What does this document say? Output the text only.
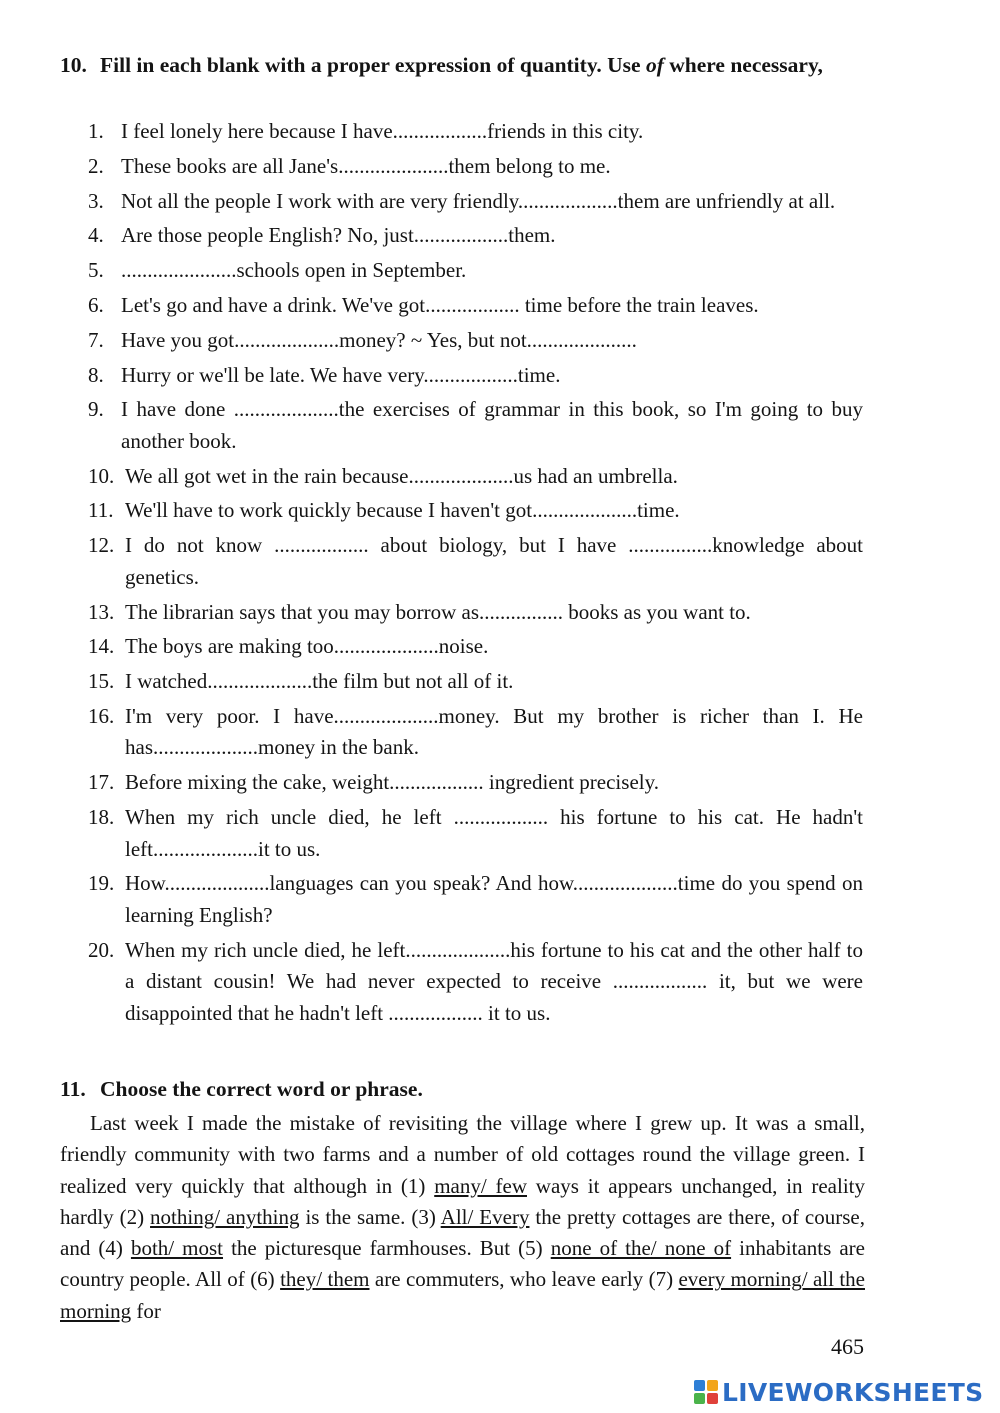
10. Fill in each blank with a proper expression of quantity. Use of where necessary,

1. I feel lonely here because I have..................friends in this city.
2. These books are all Jane's.....................them belong to me.
3. Not all the people I work with are very friendly...................them are unfriendly at all.
4. Are those people English? No, just..................them.
5. ......................schools open in September.
6. Let's go and have a drink. We've got.................. time before the train leaves.
7. Have you got....................money? ~ Yes, but not.....................
8. Hurry or we'll be late. We have very..................time.
9. I have done ....................the exercises of grammar in this book, so I'm going to buy another book.
10. We all got wet in the rain because....................us had an umbrella.
11. We'll have to work quickly because I haven't got....................time.
12. I do not know .................. about biology, but I have ................knowledge about genetics.
13. The librarian says that you may borrow as................ books as you want to.
14. The boys are making too....................noise.
15. I watched....................the film but not all of it.
16. I'm very poor. I have....................money. But my brother is richer than I. He has....................money in the bank.
17. Before mixing the cake, weight.................. ingredient precisely.
18. When my rich uncle died, he left .................. his fortune to his cat. He hadn't left....................it to us.
19. How....................languages can you speak? And how....................time do you spend on learning English?
20. When my rich uncle died, he left....................his fortune to his cat and the other half to a distant cousin! We had never expected to receive .................. it, but we were disappointed that he hadn't left .................. it to us.

11. Choose the correct word or phrase.

Last week I made the mistake of revisiting the village where I grew up. It was a small, friendly community with two farms and a number of old cottages round the village green. I realized very quickly that although in (1) many/ few ways it appears unchanged, in reality hardly (2) nothing/ anything is the same. (3) All/ Every the pretty cottages are there, of course, and (4) both/ most the picturesque farmhouses. But (5) none of the/ none of inhabitants are country people. All of (6) they/ them are commuters, who leave early (7) every morning/ all the morning for

465
LIVEWORKSHEETS
